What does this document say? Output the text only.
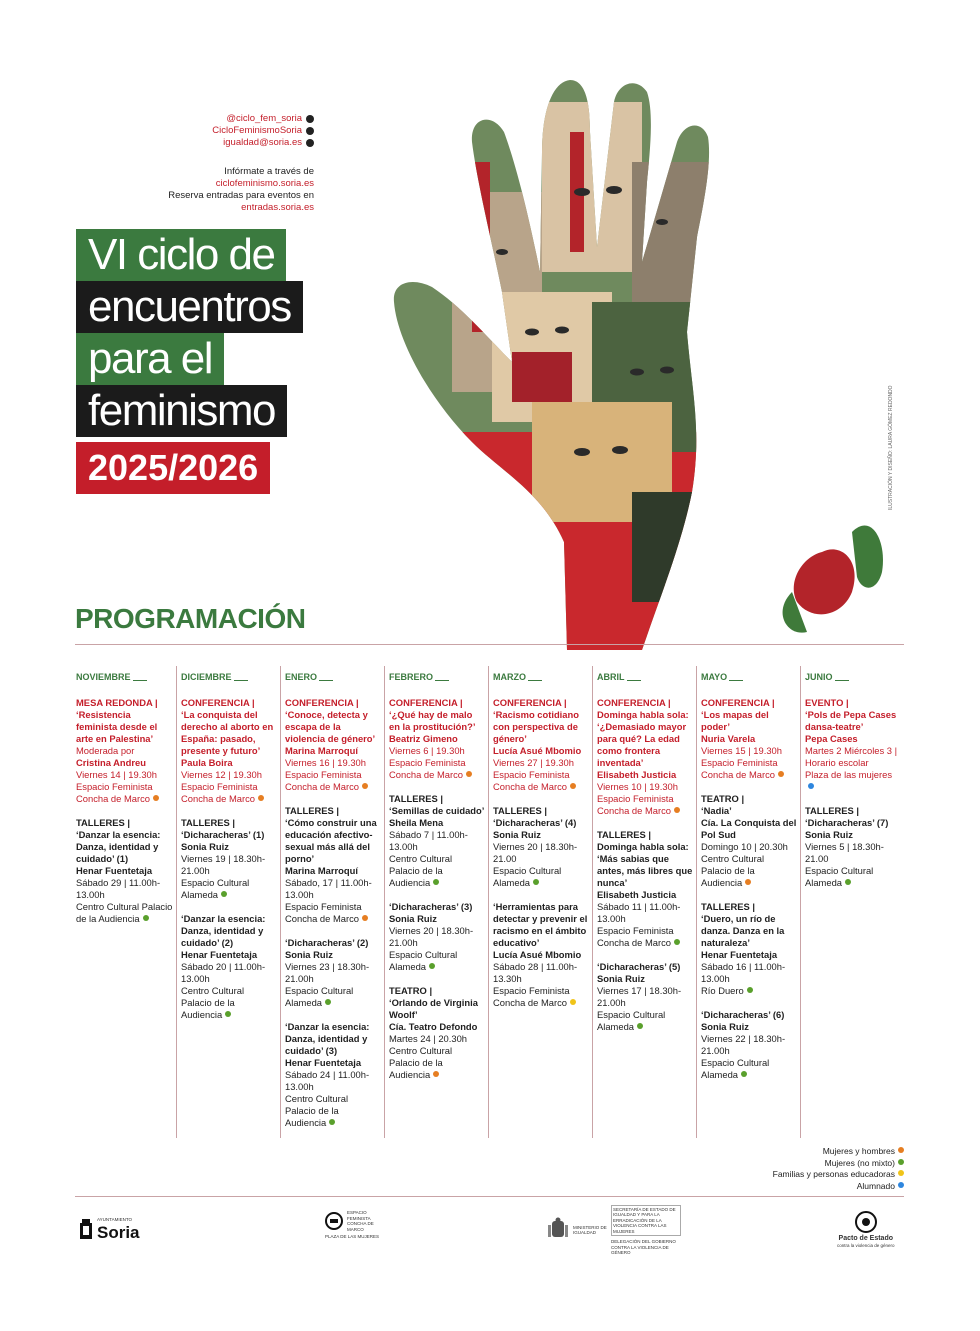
@ciclo_fem_soria
CicloFeminismoSoria
igualdad@soria.es
Infórmate a través de
ciclofeminismo.soria.es
Reserva entradas para eventos en
entradas.soria.es
VI ciclo de
encuentros
para el
feminismo
2025/2026	ILUSTRACIÓN Y DISEÑO: LAURA GÓMEZ REDONDO
PROGRAMACIÓN
NOVIEMBRE
MESA REDONDA |
‘Resistencia feminista desde el arte en Palestina’
Moderada por
Cristina Andreu
Viernes 14 | 19.30h
Espacio Feminista Concha de Marco
TALLERES |
‘Danzar la esencia: Danza, identidad y cuidado’ (1)
Henar Fuentetaja
Sábado 29 | 11.00h-13.00h
Centro Cultural Palacio de la Audiencia
DICIEMBRE
CONFERENCIA |
‘La conquista del derecho al aborto en España: pasado, presente y futuro’
Paula Boira
Viernes 12 | 19.30h
Espacio Feminista Concha de Marco
TALLERES |
‘Dicharacheras’ (1)
Sonia Ruiz
Viernes 19 | 18.30h-21.00h
Espacio Cultural Alameda
‘Danzar la esencia: Danza, identidad y cuidado’ (2)
Henar Fuentetaja
Sábado 20 | 11.00h-13.00h
Centro Cultural Palacio de la Audiencia
ENERO
CONFERENCIA |
‘Conoce, detecta y escapa de la violencia de género’
Marina Marroquí
Viernes 16 | 19.30h
Espacio Feminista Concha de Marco
TALLERES |
‘Cómo construir una educación afectivo-sexual más allá del porno’
Marina Marroquí
Sábado, 17 | 11.00h-13.00h
Espacio Feminista Concha de Marco
‘Dicharacheras’ (2)
Sonia Ruiz
Viernes 23 | 18.30h-21.00h
Espacio Cultural Alameda
‘Danzar la esencia: Danza, identidad y cuidado’ (3)
Henar Fuentetaja
Sábado 24 | 11.00h-13.00h
Centro Cultural Palacio de la Audiencia
FEBRERO
CONFERENCIA |
‘¿Qué hay de malo en la prostitución?’
Beatriz Gimeno
Viernes 6 | 19.30h
Espacio Feminista Concha de Marco
TALLERES |
‘Semillas de cuidado’
Sheila Mena
Sábado 7 | 11.00h-13.00h
Centro Cultural Palacio de la Audiencia
‘Dicharacheras’ (3)
Sonia Ruiz
Viernes 20 | 18.30h-21.00h
Espacio Cultural Alameda
TEATRO |
‘Orlando de Virginia Woolf’
Cía. Teatro Defondo
Martes 24 | 20.30h
Centro Cultural Palacio de la Audiencia
MARZO
CONFERENCIA |
‘Racismo cotidiano con perspectiva de género’
Lucía Asué Mbomio
Viernes 27 | 19.30h
Espacio Feminista Concha de Marco
TALLERES |
‘Dicharacheras’ (4)
Sonia Ruiz
Viernes 20 | 18.30h-21.00
Espacio Cultural Alameda
‘Herramientas para detectar y prevenir el racismo en el ámbito educativo’
Lucía Asué Mbomio
Sábado 28 | 11.00h-13.30h
Espacio Feminista Concha de Marco
ABRIL
CONFERENCIA |
Dominga habla sola: ‘¿Demasiado mayor para qué? La edad como frontera inventada’
Elisabeth Justicia
Viernes 10 | 19.30h
Espacio Feminista Concha de Marco
TALLERES |
Dominga habla sola: ‘Más sabias que antes, más libres que nunca’
Elisabeth Justicia
Sábado 11 | 11.00h-13.00h
Espacio Feminista Concha de Marco
‘Dicharacheras’ (5)
Sonia Ruiz
Viernes 17 | 18.30h-21.00h
Espacio Cultural Alameda
MAYO
CONFERENCIA |
‘Los mapas del poder’
Nuria Varela
Viernes 15 | 19.30h
Espacio Feminista Concha de Marco
TEATRO |
‘Nadia’
Cía. La Conquista del Pol Sud
Domingo 10 | 20.30h
Centro Cultural Palacio de la Audiencia
TALLERES |
‘Duero, un río de danza. Danza en la naturaleza’
Henar Fuentetaja
Sábado 16 | 11.00h-13.00h
Río Duero
‘Dicharacheras’ (6)
Sonia Ruiz
Viernes 22 | 18.30h-21.00h
Espacio Cultural Alameda
JUNIO
EVENTO |
‘Pols de Pepa Cases dansa-teatre’
Pepa Cases
Martes 2 Miércoles 3 | Horario escolar
Plaza de las mujeres
TALLERES |
‘Dicharacheras’ (7)
Sonia Ruiz
Viernes 5 | 18.30h-21.00
Espacio Cultural Alameda
Mujeres y hombres
Mujeres (no mixto)
Familias y personas educadoras
Alumnado
AYUNTAMIENTO
Soria
ESPACIO FEMINISTA CONCHA DE MARCO
PLAZA DE LAS MUJERES
MINISTERIO DE IGUALDAD
SECRETARÍA DE ESTADO DE IGUALDAD Y PARA LA ERRADICACIÓN DE LA VIOLENCIA CONTRA LAS MUJERES
DELEGACIÓN DEL GOBIERNO CONTRA LA VIOLENCIA DE GÉNERO
Pacto de Estado
contra la violencia de género
